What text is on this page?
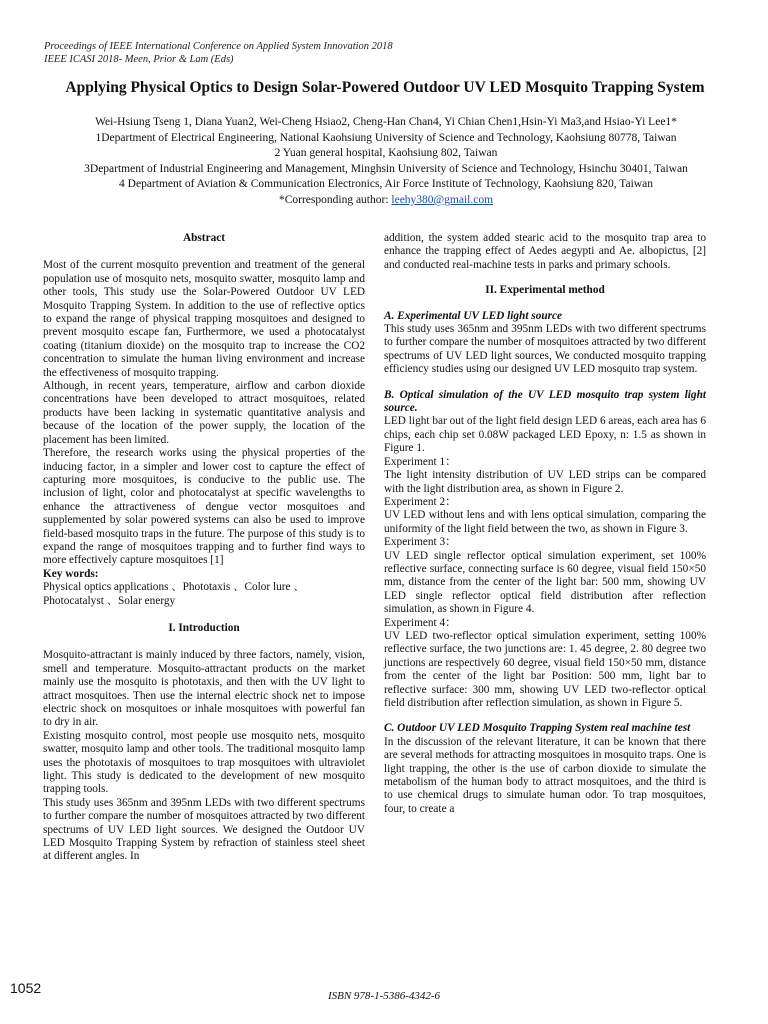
Proceedings of IEEE International Conference on Applied System Innovation 2018
IEEE ICASI 2018- Meen, Prior & Lam (Eds)
Applying Physical Optics to Design Solar-Powered Outdoor UV LED Mosquito Trapping System
Wei-Hsiung Tseng 1, Diana Yuan2, Wei-Cheng Hsiao2, Cheng-Han Chan4, Yi Chian Chen1,Hsin-Yi Ma3,and Hsiao-Yi Lee1*
1Department of Electrical Engineering, National Kaohsiung University of Science and Technology, Kaohsiung 80778, Taiwan
2 Yuan general hospital, Kaohsiung 802, Taiwan
3Department of Industrial Engineering and Management, Minghsin University of Science and Technology, Hsinchu 30401, Taiwan
4 Department of Aviation & Communication Electronics, Air Force Institute of Technology, Kaohsiung 820, Taiwan
*Corresponding author: leehy380@gmail.com

Abstract

Most of the current mosquito prevention and treatment of the general population use of mosquito nets, mosquito swatter, mosquito lamp and other tools, This study use the Solar-Powered Outdoor UV LED Mosquito Trapping System. In addition to the use of reflective optics to expand the range of physical trapping mosquitoes and designed to prevent mosquito escape fan, Furthermore, we used a photocatalyst coating (titanium dioxide) on the mosquito trap to increase the CO2 concentration to simulate the human living environment and increase the effectiveness of mosquito trapping.

Although, in recent years, temperature, airflow and carbon dioxide concentrations have been developed to attract mosquitoes, related products have been lacking in systematic quantitative analysis and because of the location of the power supply, the location of the placement has been limited.

Therefore, the research works using the physical properties of the inducing factor, in a simpler and lower cost to capture the effect of capturing more mosquitoes, is conducive to the public use. The inclusion of light, color and photocatalyst at specific wavelengths to enhance the attractiveness of dengue vector mosquitoes and supplemented by solar powered systems can also be used to improve field-based mosquito traps in the future. The purpose of this study is to expand the range of mosquitoes trapping and to further find ways to more effectively capture mosquitoes [1]

Key words:

Physical optics applications 、Phototaxis 、Color lure 、

Photocatalyst 、Solar energy

I. Introduction

Mosquito-attractant is mainly induced by three factors, namely, vision, smell and temperature. Mosquito-attractant products on the market mainly use the mosquito is phototaxis, and then with the UV light to attract mosquitoes. Then use the internal electric shock net to impose electric shock on mosquitoes or inhale mosquitoes with powerful fan to dry in air.

Existing mosquito control, most people use mosquito nets, mosquito swatter, mosquito lamp and other tools. The traditional mosquito lamp uses the phototaxis of mosquitoes to trap mosquitoes with ultraviolet light. This study is dedicated to the development of new mosquito trapping tools.

This study uses 365nm and 395nm LEDs with two different spectrums to further compare the number of mosquitoes attracted by two different spectrums of UV LED light sources. We designed the Outdoor UV LED Mosquito Trapping System by refraction of stainless steel sheet at different angles. In

addition, the system added stearic acid to the mosquito trap area to enhance the trapping effect of Aedes aegypti and Ae. albopictus, [2] and conducted real-machine tests in parks and primary schools.

II. Experimental method

A. Experimental UV LED light source

This study uses 365nm and 395nm LEDs with two different spectrums to further compare the number of mosquitoes attracted by two different spectrums of UV LED light sources, We conducted mosquito trapping efficiency studies using our designed UV LED mosquito trap system.

B. Optical simulation of the UV LED mosquito trap system light source.

LED light bar out of the light field design LED 6 areas, each area has 6 chips, each chip set 0.08W packaged LED Epoxy, n: 1.5 as shown in Figure 1.

Experiment 1：

The light intensity distribution of UV LED strips can be compared with the light distribution area, as shown in Figure 2.

Experiment 2：

UV LED without lens and with lens optical simulation, comparing the uniformity of the light field between the two, as shown in Figure 3.

Experiment 3：

UV LED single reflector optical simulation experiment, set 100% reflective surface, connecting surface is 60 degree, visual field 150×50 mm, distance from the center of the light bar: 500 mm, showing UV LED single reflector optical field distribution after reflection simulation, as shown in Figure 4.

Experiment 4：

UV LED two-reflector optical simulation experiment, setting 100% reflective surface, the two junctions are: 1. 45 degree, 2. 80 degree two junctions are respectively 60 degree, visual field 150×50 mm, distance from the center of the light bar Position: 500 mm, light bar to reflective surface: 300 mm, showing UV LED two-reflector optical field distribution after reflection simulation, as shown in Figure 5.

C. Outdoor UV LED Mosquito Trapping System real machine test

In the discussion of the relevant literature, it can be known that there are several methods for attracting mosquitoes in mosquito traps. One is light trapping, the other is the use of carbon dioxide to simulate the metabolism of the human body to attract mosquitoes, and the third is to use chemical drugs to simulate human odor. To trap mosquitoes, four, to create a

1052	ISBN 978-1-5386-4342-6
